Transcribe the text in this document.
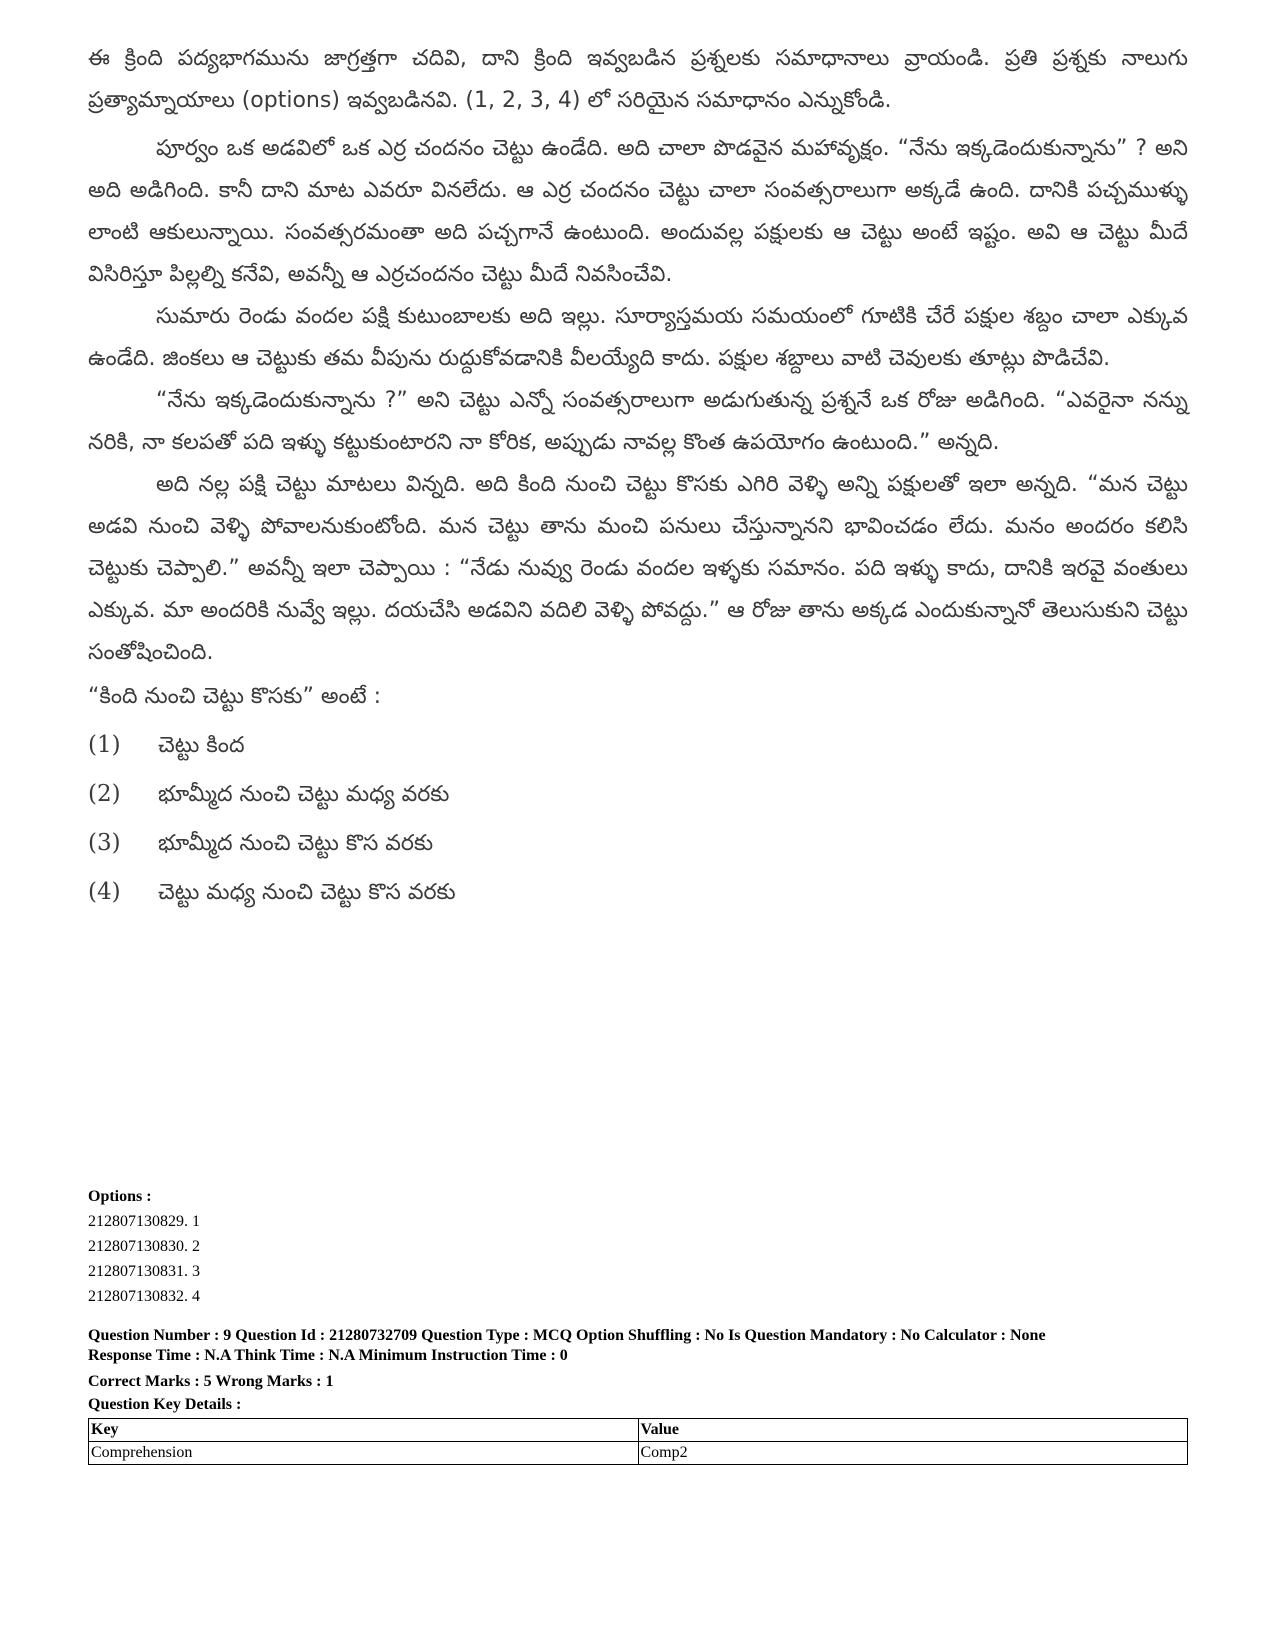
ఈ క్రింది పద్యభాగమును జాగ్రత్తగా చదివి, దాని క్రింది ఇవ్వబడిన ప్రశ్నలకు సమాధానాలు వ్రాయండి. ప్రతి ప్రశ్నకు నాలుగు ప్రత్యామ్నాయాలు (options) ఇవ్వబడినవి. (1, 2, 3, 4) లో సరియైన సమాధానం ఎన్నుకోండి.

పూర్వం ఒక అడవిలో ఒక ఎర్ర చందనం చెట్టు ఉండేది. అది చాలా పొడవైన మహావృక్షం. “నేను ఇక్కడెందుకున్నాను” ? అని అది అడిగింది. కానీ దాని మాట ఎవరూ వినలేదు. ఆ ఎర్ర చందనం చెట్టు చాలా సంవత్సరాలుగా అక్కడే ఉంది. దానికి పచ్చముళ్ళు లాంటి ఆకులున్నాయి. సంవత్సరమంతా అది పచ్చగానే ఉంటుంది. అందువల్ల పక్షులకు ఆ చెట్టు అంటే ఇష్టం. అవి ఆ చెట్టు మీదే విసిరిస్తూ పిల్లల్ని కనేవి, అవన్నీ ఆ ఎర్రచందనం చెట్టు మీదే నివసించేవి.

సుమారు రెండు వందల పక్షి కుటుంబాలకు అది ఇల్లు. సూర్యాస్తమయ సమయంలో గూటికి చేరే పక్షుల శబ్దం చాలా ఎక్కువ ఉండేది. జింకలు ఆ చెట్టుకు తమ వీపును రుద్దుకోవడానికి వీలయ్యేది కాదు. పక్షుల శబ్దాలు వాటి చెవులకు తూట్లు పొడిచేవి.

“నేను ఇక్కడెందుకున్నాను ?” అని చెట్టు ఎన్నో సంవత్సరాలుగా అడుగుతున్న ప్రశ్ననే ఒక రోజు అడిగింది. “ఎవరైనా నన్ను నరికి, నా కలపతో పది ఇళ్ళు కట్టుకుంటారని నా కోరిక, అప్పుడు నావల్ల కొంత ఉపయోగం ఉంటుంది.” అన్నది.

అది నల్ల పక్షి చెట్టు మాటలు విన్నది. అది కింది నుంచి చెట్టు కొసకు ఎగిరి వెళ్ళి అన్ని పక్షులతో ఇలా అన్నది. “మన చెట్టు అడవి నుంచి వెళ్ళి పోవాలనుకుంటోంది. మన చెట్టు తాను మంచి పనులు చేస్తున్నానని భావించడం లేదు. మనం అందరం కలిసి చెట్టుకు చెప్పాలి.” అవన్నీ ఇలా చెప్పాయి : “నేడు నువ్వు రెండు వందల ఇళ్ళకు సమానం. పది ఇళ్ళు కాదు, దానికి ఇరవై వంతులు ఎక్కువ. మా అందరికి నువ్వే ఇల్లు. దయచేసి అడవిని వదిలి వెళ్ళి పోవద్దు.” ఆ రోజు తాను అక్కడ ఎందుకున్నానో తెలుసుకుని చెట్టు సంతోషించింది.

“కింది నుంచి చెట్టు కొసకు” అంటే :

(1)	చెట్టు కింద
(2)	భూమ్మీద నుంచి చెట్టు మధ్య వరకు
(3)	భూమ్మీద నుంచి చెట్టు కొస వరకు
(4)	చెట్టు మధ్య నుంచి చెట్టు కొస వరకు
Options :
212807130829. 1
212807130830. 2
212807130831. 3
212807130832. 4
Question Number : 9 Question Id : 21280732709 Question Type : MCQ Option Shuffling : No Is Question Mandatory : No Calculator : None
Response Time : N.A Think Time : N.A Minimum Instruction Time : 0
Correct Marks : 5 Wrong Marks : 1
Question Key Details :
Key	Value
Comprehension	Comp2
